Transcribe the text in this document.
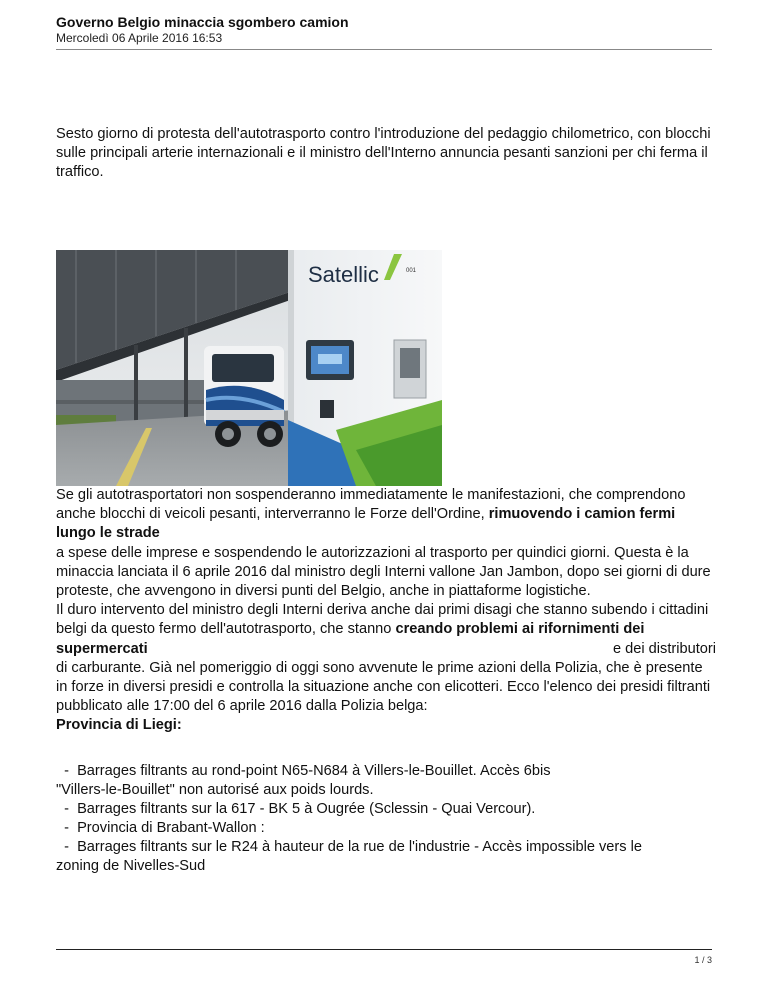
Governo Belgio minaccia sgombero camion
Mercoledì 06 Aprile 2016 16:53
Sesto giorno di protesta dell'autotrasporto contro l'introduzione del pedaggio chilometrico, con blocchi sulle principali arterie internazionali e il ministro dell'Interno annuncia pesanti sanzioni per chi ferma il traffico.
Satellic	001
Se gli autotrasportatori non sospenderanno immediatamente le manifestazioni, che comprendono anche blocchi di veicoli pesanti, interverranno le Forze dell'Ordine, rimuovendo i camion fermi lungo le strade
a spese delle imprese e sospendendo le autorizzazioni al trasporto per quindici giorni. Questa è la minaccia lanciata il 6 aprile 2016 dal ministro degli Interni vallone Jan Jambon, dopo sei giorni di dure proteste, che avvengono in diversi punti del Belgio, anche in piattaforme logistiche.
Il duro intervento del ministro degli Interni deriva anche dai primi disagi che stanno subendo i cittadini belgi da questo fermo dell'autotrasporto, che stanno creando problemi ai rifornimenti dei supermercati	e dei distributori

di carburante. Già nel pomeriggio di oggi sono avvenute le prime azioni della Polizia, che è presente in forze in diversi presidi e controlla la situazione anche con elicotteri. Ecco l'elenco dei presidi filtranti pubblicato alle 17:00 del 6 aprile 2016 dalla Polizia belga:
Provincia di Liegi:
-  Barrages filtrants au rond-point N65-N684 à Villers-le-Bouillet. Accès 6bis
"Villers-le-Bouillet" non autorisé aux poids lourds.
-  Barrages filtrants sur la 617 - BK 5 à Ougrée (Sclessin - Quai Vercour).
-  Provincia di Brabant-Wallon :
-  Barrages filtrants sur le R24 à hauteur de la rue de l'industrie - Accès impossible vers le
zoning de Nivelles-Sud
1 / 3
